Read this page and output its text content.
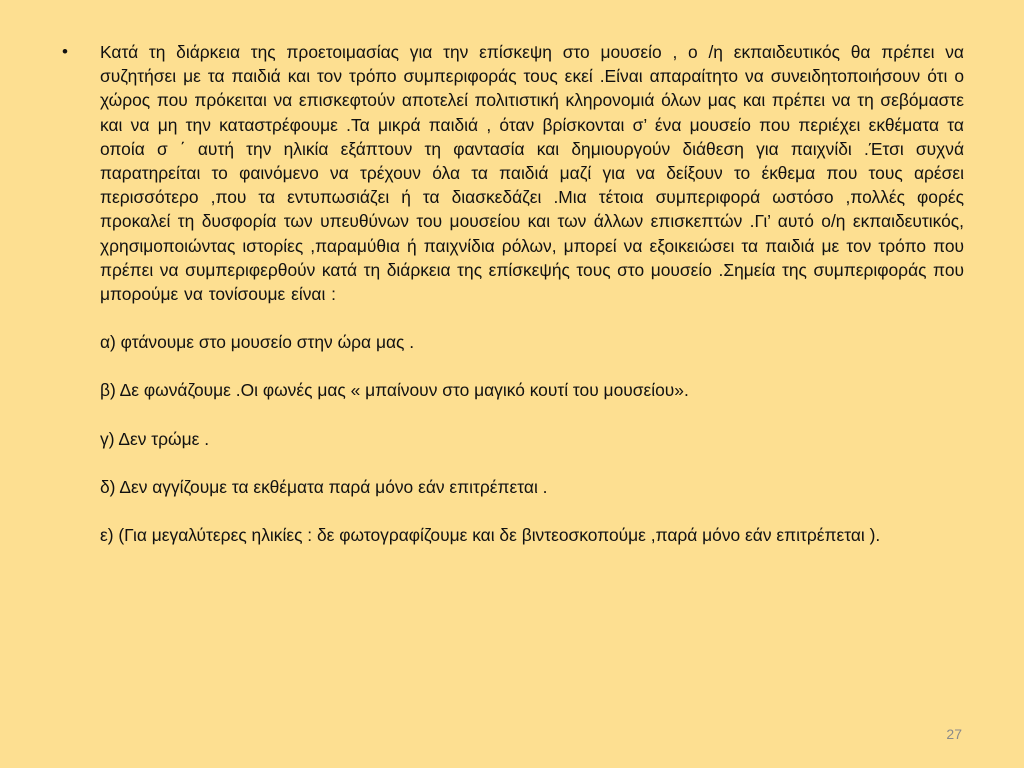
• Κατά τη διάρκεια της προετοιμασίας για την επίσκεψη στο μουσείο , ο /η εκπαιδευτικός θα πρέπει να συζητήσει με τα παιδιά και τον τρόπο συμπεριφοράς τους εκεί .Είναι απαραίτητο να συνειδητοποιήσουν ότι ο χώρος που πρόκειται να επισκεφτούν αποτελεί πολιτιστική κληρονομιά όλων μας και πρέπει να τη σεβόμαστε και να μη την καταστρέφουμε .Τα μικρά παιδιά , όταν βρίσκονται σ’ ένα μουσείο που περιέχει εκθέματα τα οποία σ ΄ αυτή την ηλικία εξάπτουν τη φαντασία και δημιουργούν διάθεση για παιχνίδι .Έτσι συχνά παρατηρείται το φαινόμενο να τρέχουν όλα τα παιδιά μαζί για να δείξουν το έκθεμα που τους αρέσει περισσότερο ,που τα εντυπωσιάζει ή τα διασκεδάζει .Μια τέτοια συμπεριφορά ωστόσο ,πολλές φορές προκαλεί τη δυσφορία των υπευθύνων του μουσείου και των άλλων επισκεπτών .Γι’ αυτό ο/η εκπαιδευτικός, χρησιμοποιώντας ιστορίες ,παραμύθια ή παιχνίδια ρόλων, μπορεί να εξοικειώσει τα παιδιά με τον τρόπο που πρέπει να συμπεριφερθούν κατά τη διάρκεια της επίσκεψής τους στο μουσείο .Σημεία της συμπεριφοράς που μπορούμε να τονίσουμε είναι :

α) φτάνουμε στο μουσείο στην ώρα μας .

β) Δε φωνάζουμε .Οι φωνές μας « μπαίνουν στο μαγικό κουτί του μουσείου».

γ) Δεν τρώμε .

δ) Δεν αγγίζουμε τα εκθέματα παρά μόνο εάν επιτρέπεται .

ε) (Για μεγαλύτερες ηλικίες : δε φωτογραφίζουμε και δε βιντεοσκοπούμε ,παρά μόνο εάν επιτρέπεται ).

27
